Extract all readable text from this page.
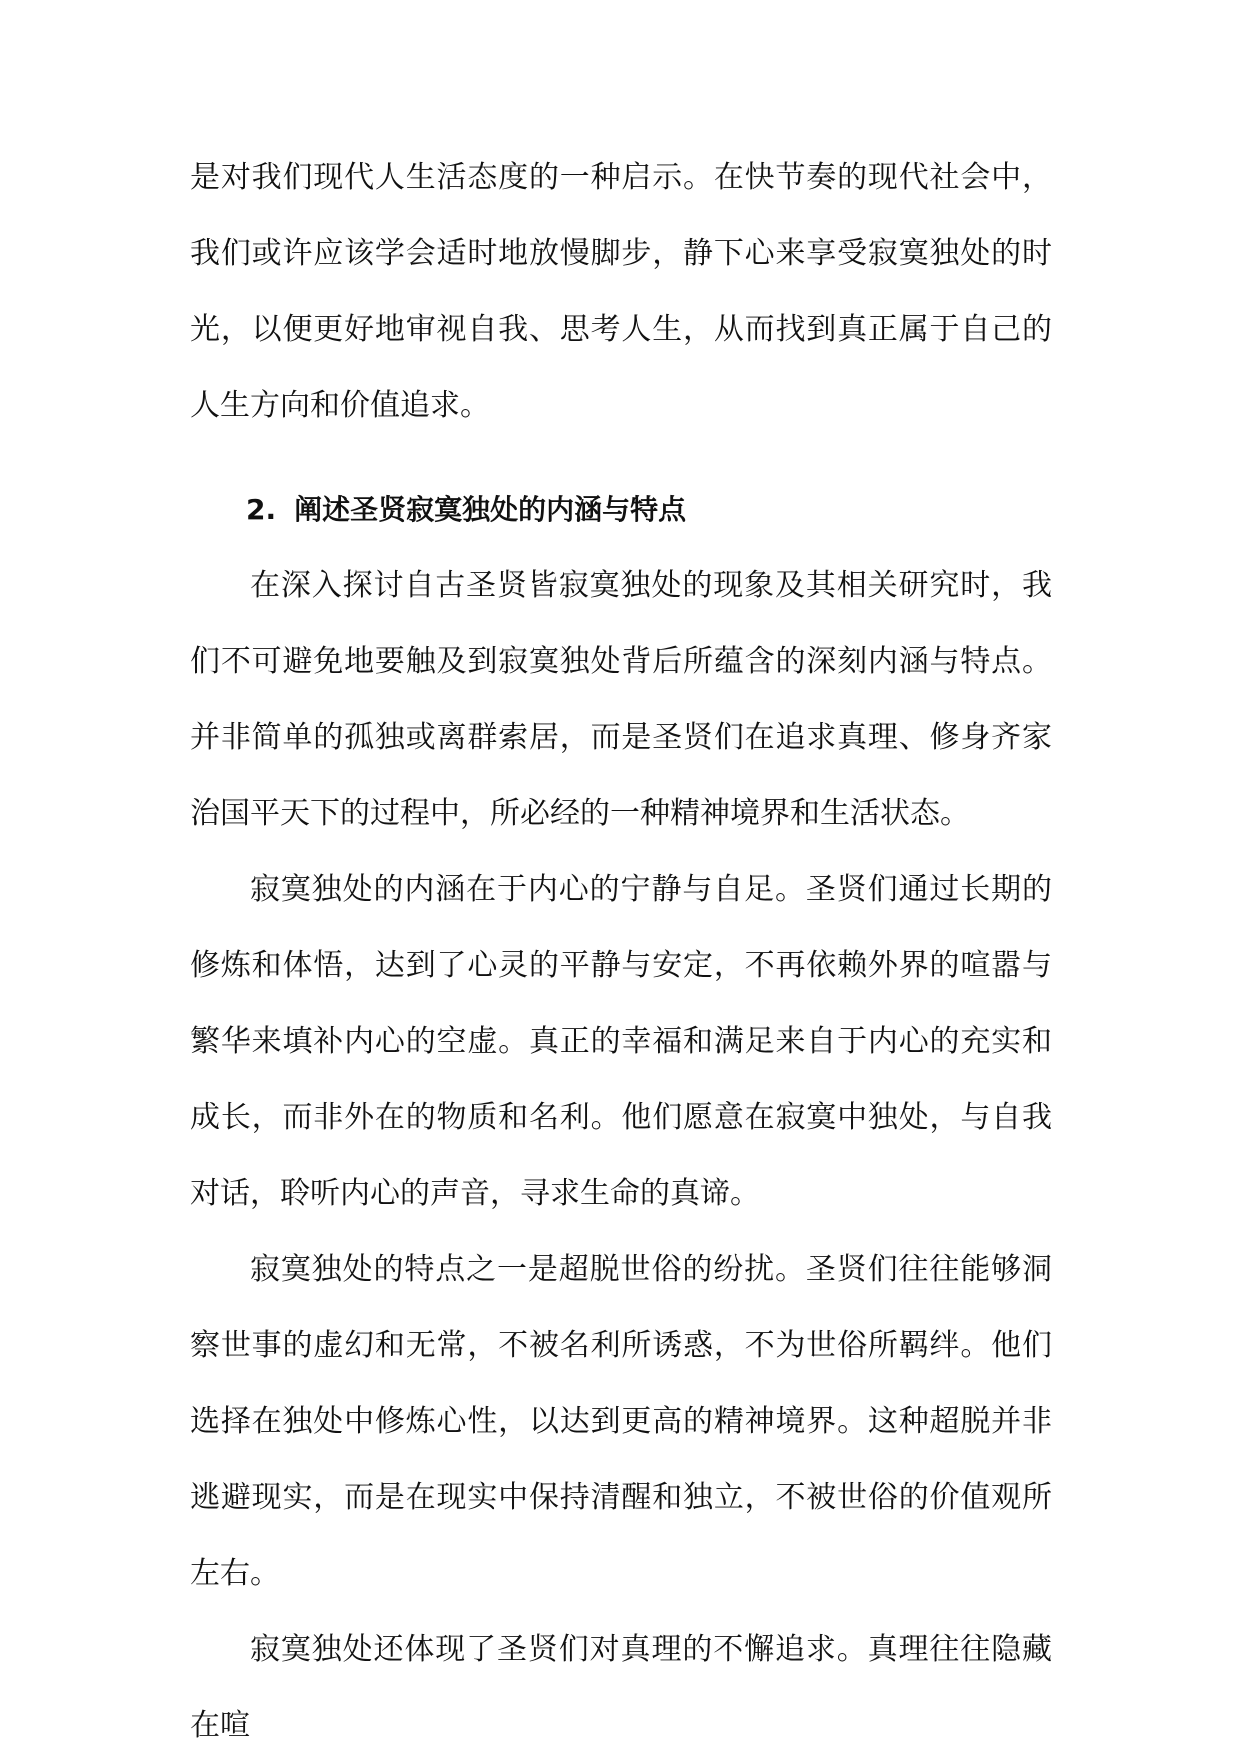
是对我们现代人生活态度的一种启示。在快节奏的现代社会中，我们或许应该学会适时地放慢脚步，静下心来享受寂寞独处的时光，以便更好地审视自我、思考人生，从而找到真正属于自己的人生方向和价值追求。

2. 阐述圣贤寂寞独处的内涵与特点

在深入探讨自古圣贤皆寂寞独处的现象及其相关研究时，我们不可避免地要触及到寂寞独处背后所蕴含的深刻内涵与特点。并非简单的孤独或离群索居，而是圣贤们在追求真理、修身齐家治国平天下的过程中，所必经的一种精神境界和生活状态。

寂寞独处的内涵在于内心的宁静与自足。圣贤们通过长期的修炼和体悟，达到了心灵的平静与安定，不再依赖外界的喧嚣与繁华来填补内心的空虚。真正的幸福和满足来自于内心的充实和成长，而非外在的物质和名利。他们愿意在寂寞中独处，与自我对话，聆听内心的声音，寻求生命的真谛。

寂寞独处的特点之一是超脱世俗的纷扰。圣贤们往往能够洞察世事的虚幻和无常，不被名利所诱惑，不为世俗所羁绊。他们选择在独处中修炼心性，以达到更高的精神境界。这种超脱并非逃避现实，而是在现实中保持清醒和独立，不被世俗的价值观所左右。

寂寞独处还体现了圣贤们对真理的不懈追求。真理往往隐藏在喧
